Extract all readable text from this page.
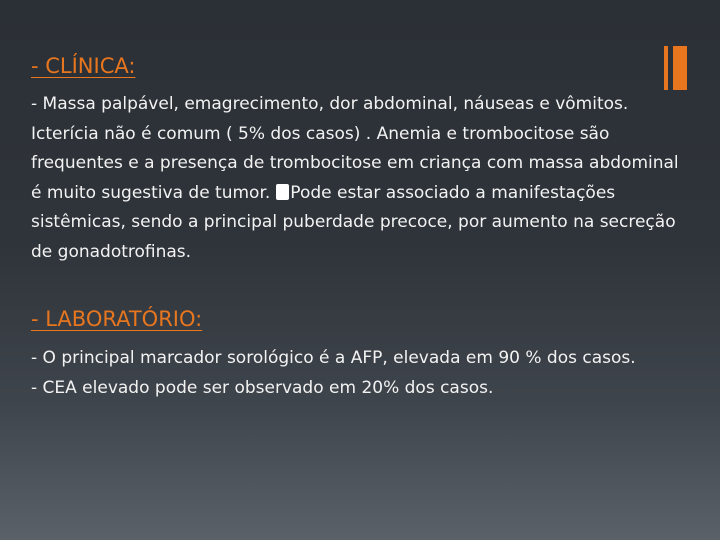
- CLÍNICA:

- Massa palpável, emagrecimento, dor abdominal, náuseas e vômitos. Icterícia não é comum ( 5% dos casos) . Anemia e trombocitose são frequentes e a presença de trombocitose em criança com massa abdominal é muito sugestiva de tumor. Pode estar associado a manifestações sistêmicas, sendo a principal puberdade precoce, por aumento na secreção de gonadotrofinas.

- LABORATÓRIO:

- O principal marcador sorológico é a AFP, elevada em 90 % dos casos.

- CEA elevado pode ser observado em 20% dos casos.
